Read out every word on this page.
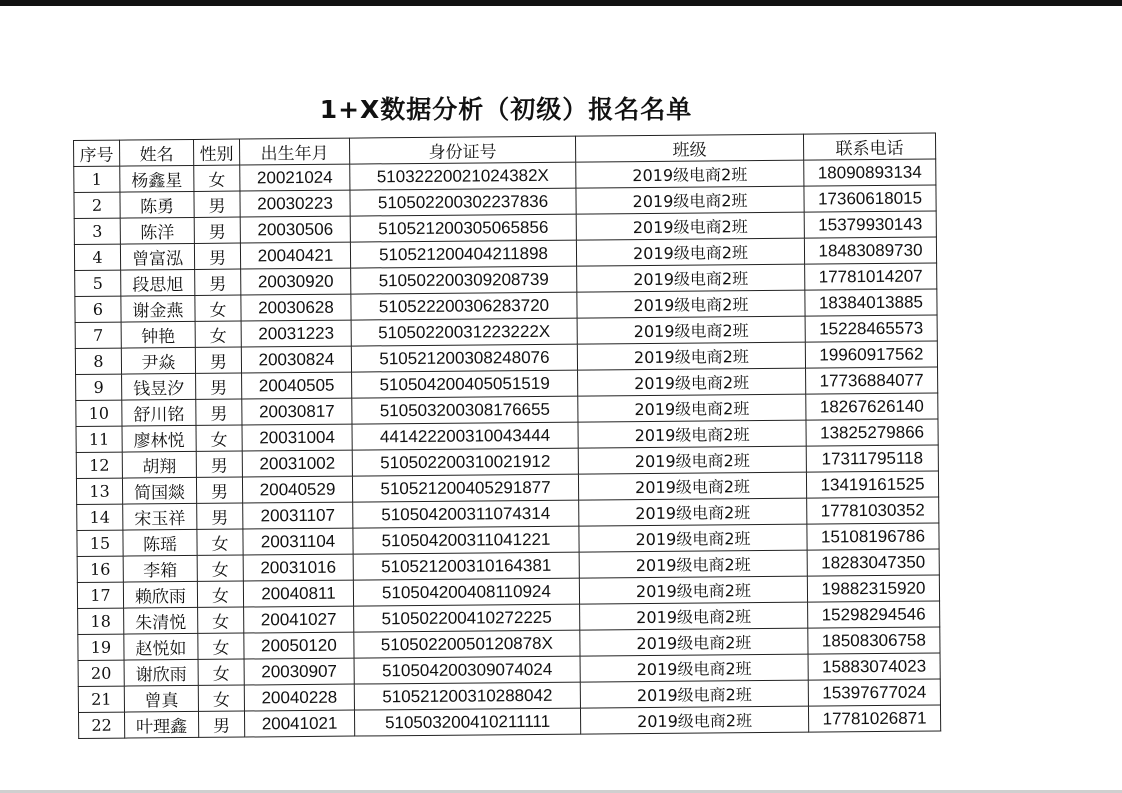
1+X数据分析（初级）报名名单
序号	姓名	性别	出生年月	身份证号	班级	联系电话
1	杨鑫星	女	20021024	51032220021024382X	2019级电商2班	18090893134
2	陈勇	男	20030223	510502200302237836	2019级电商2班	17360618015
3	陈洋	男	20030506	510521200305065856	2019级电商2班	15379930143
4	曾富泓	男	20040421	510521200404211898	2019级电商2班	18483089730
5	段思旭	男	20030920	510502200309208739	2019级电商2班	17781014207
6	谢金燕	女	20030628	510522200306283720	2019级电商2班	18384013885
7	钟艳	女	20031223	51050220031223222X	2019级电商2班	15228465573
8	尹焱	男	20030824	510521200308248076	2019级电商2班	19960917562
9	钱昱汐	男	20040505	510504200405051519	2019级电商2班	17736884077
10	舒川铭	男	20030817	510503200308176655	2019级电商2班	18267626140
11	廖林悦	女	20031004	441422200310043444	2019级电商2班	13825279866
12	胡翔	男	20031002	510502200310021912	2019级电商2班	17311795118
13	简国燚	男	20040529	510521200405291877	2019级电商2班	13419161525
14	宋玉祥	男	20031107	510504200311074314	2019级电商2班	17781030352
15	陈瑶	女	20031104	510504200311041221	2019级电商2班	15108196786
16	李箱	女	20031016	510521200310164381	2019级电商2班	18283047350
17	赖欣雨	女	20040811	510504200408110924	2019级电商2班	19882315920
18	朱清悦	女	20041027	510502200410272225	2019级电商2班	15298294546
19	赵悦如	女	20050120	51050220050120878X	2019级电商2班	18508306758
20	谢欣雨	女	20030907	510504200309074024	2019级电商2班	15883074023
21	曾真	女	20040228	510521200310288042	2019级电商2班	15397677024
22	叶理鑫	男	20041021	510503200410211111	2019级电商2班	17781026871
